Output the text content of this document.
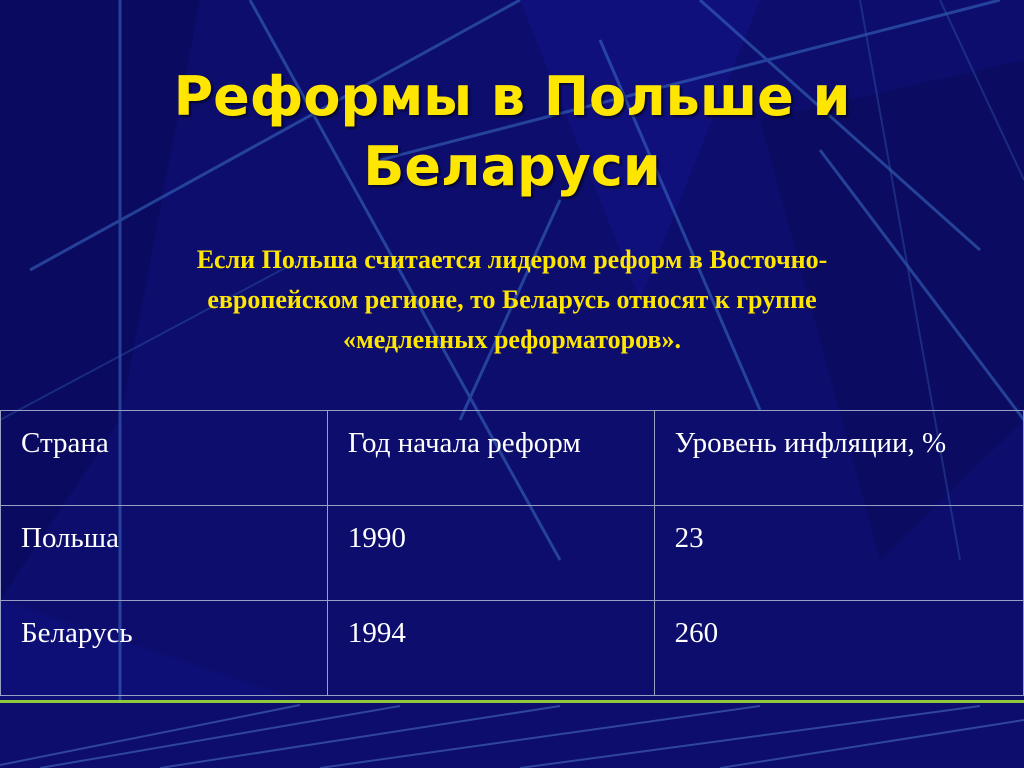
Реформы в Польше и
Беларуси
Если Польша считается лидером реформ в Восточно-
европейском регионе, то Беларусь относят к группе
«медленных реформаторов».
Страна	Год начала реформ	Уровень инфляции, %
Польша	1990	23
Беларусь	1994	260
